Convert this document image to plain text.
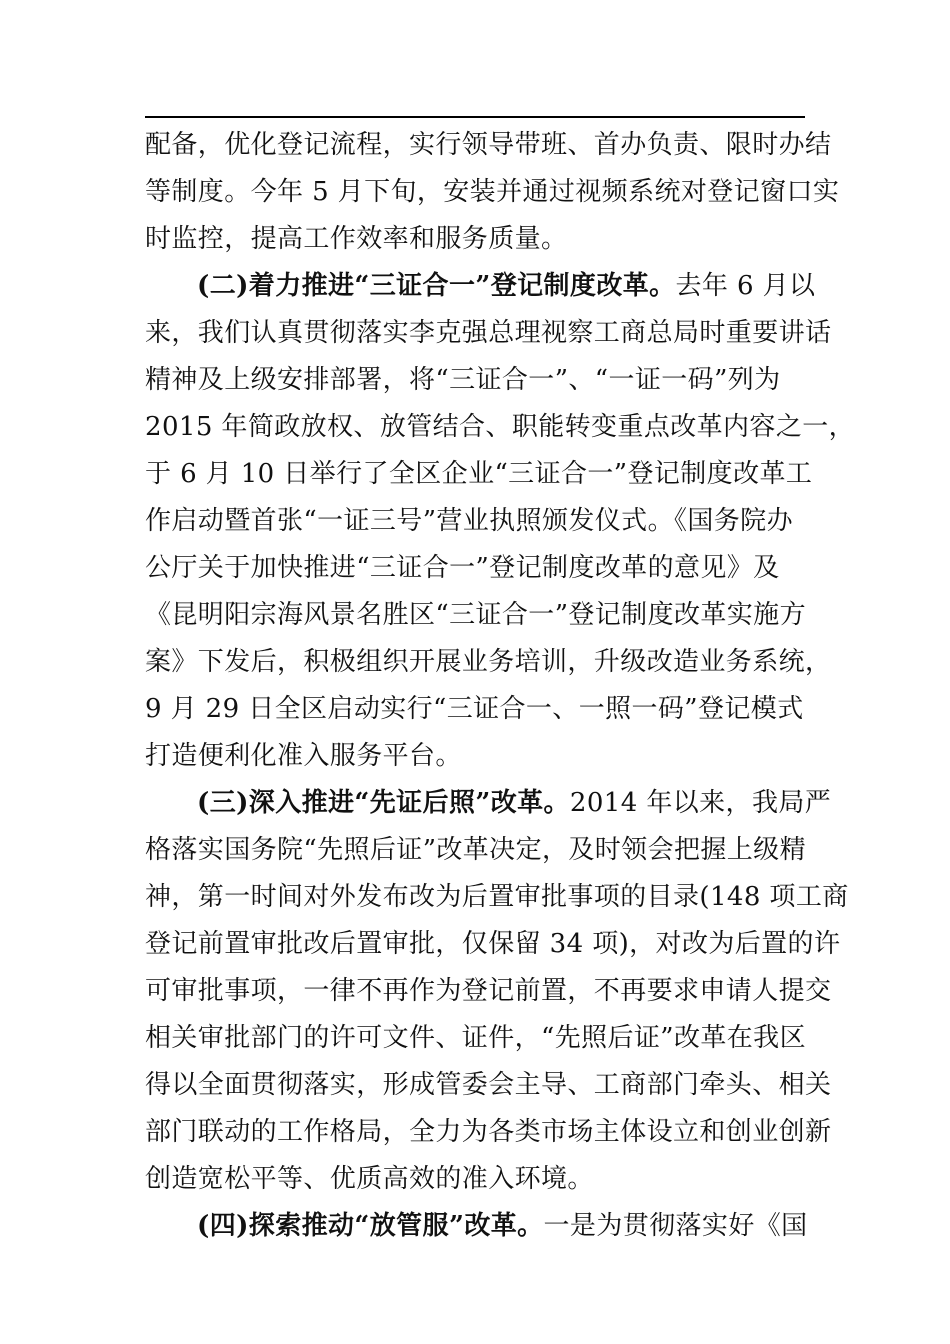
配备，优化登记流程，实行领导带班、首办负责、限时办结
等制度。今年 5 月下旬，安装并通过视频系统对登记窗口实
时监控，提高工作效率和服务质量。
(二)着力推进“三证合一”登记制度改革。去年 6 月以
来，我们认真贯彻落实李克强总理视察工商总局时重要讲话
精神及上级安排部署，将“三证合一”、“一证一码”列为
2015 年简政放权、放管结合、职能转变重点改革内容之一，
于 6 月 10 日举行了全区企业“三证合一”登记制度改革工
作启动暨首张“一证三号”营业执照颁发仪式。《国务院办
公厅关于加快推进“三证合一”登记制度改革的意见》及
《昆明阳宗海风景名胜区“三证合一”登记制度改革实施方
案》下发后，积极组织开展业务培训，升级改造业务系统，
9 月 29 日全区启动实行“三证合一、一照一码”登记模式
打造便利化准入服务平台。
(三)深入推进“先证后照”改革。2014 年以来，我局严
格落实国务院“先照后证”改革决定，及时领会把握上级精
神，第一时间对外发布改为后置审批事项的目录(148 项工商
登记前置审批改后置审批，仅保留 34 项)，对改为后置的许
可审批事项，一律不再作为登记前置，不再要求申请人提交
相关审批部门的许可文件、证件，“先照后证”改革在我区
得以全面贯彻落实，形成管委会主导、工商部门牵头、相关
部门联动的工作格局，全力为各类市场主体设立和创业创新
创造宽松平等、优质高效的准入环境。
(四)探索推动“放管服”改革。一是为贯彻落实好《国
